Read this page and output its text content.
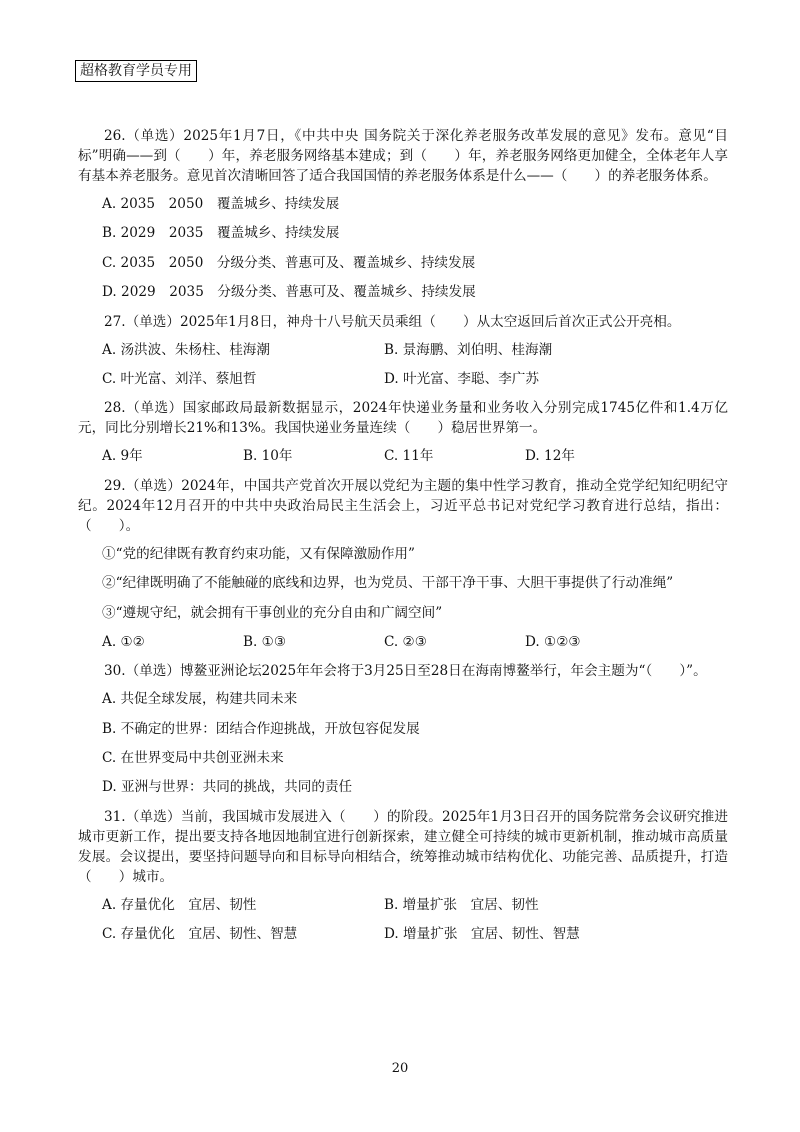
超格教育学员专用

26.（单选）2025年1月7日，《中共中央 国务院关于深化养老服务改革发展的意见》发布。意见“目标”明确——到（　　）年，养老服务网络基本建成；到（　　）年，养老服务网络更加健全，全体老年人享有基本养老服务。意见首次清晰回答了适合我国国情的养老服务体系是什么——（　　）的养老服务体系。

A. 2035　2050　覆盖城乡、持续发展
B. 2029　2035　覆盖城乡、持续发展
C. 2035　2050　分级分类、普惠可及、覆盖城乡、持续发展
D. 2029　2035　分级分类、普惠可及、覆盖城乡、持续发展

27.（单选）2025年1月8日，神舟十八号航天员乘组（　　）从太空返回后首次正式公开亮相。

A. 汤洪波、朱杨柱、桂海潮	B. 景海鹏、刘伯明、桂海潮
C. 叶光富、刘洋、蔡旭哲	D. 叶光富、李聪、李广苏

28.（单选）国家邮政局最新数据显示，2024年快递业务量和业务收入分别完成1745亿件和1.4万亿元，同比分别增长21%和13%。我国快递业务量连续（　　）稳居世界第一。

A. 9年	B. 10年	C. 11年	D. 12年

29.（单选）2024年，中国共产党首次开展以党纪为主题的集中性学习教育，推动全党学纪知纪明纪守纪。2024年12月召开的中共中央政治局民主生活会上，习近平总书记对党纪学习教育进行总结，指出：（　　）。

①“党的纪律既有教育约束功能，又有保障激励作用”
②“纪律既明确了不能触碰的底线和边界，也为党员、干部干净干事、大胆干事提供了行动准绳”
③“遵规守纪，就会拥有干事创业的充分自由和广阔空间”
A. ①②	B. ①③	C. ②③	D. ①②③

30.（单选）博鳌亚洲论坛2025年年会将于3月25日至28日在海南博鳌举行，年会主题为“（　　）”。

A. 共促全球发展，构建共同未来
B. 不确定的世界：团结合作迎挑战，开放包容促发展
C. 在世界变局中共创亚洲未来
D. 亚洲与世界：共同的挑战，共同的责任

31.（单选）当前，我国城市发展进入（　　）的阶段。2025年1月3日召开的国务院常务会议研究推进城市更新工作，提出要支持各地因地制宜进行创新探索，建立健全可持续的城市更新机制，推动城市高质量发展。会议提出，要坚持问题导向和目标导向相结合，统筹推动城市结构优化、功能完善、品质提升，打造（　　）城市。

A. 存量优化　宜居、韧性	B. 增量扩张　宜居、韧性
C. 存量优化　宜居、韧性、智慧	D. 增量扩张　宜居、韧性、智慧
20
